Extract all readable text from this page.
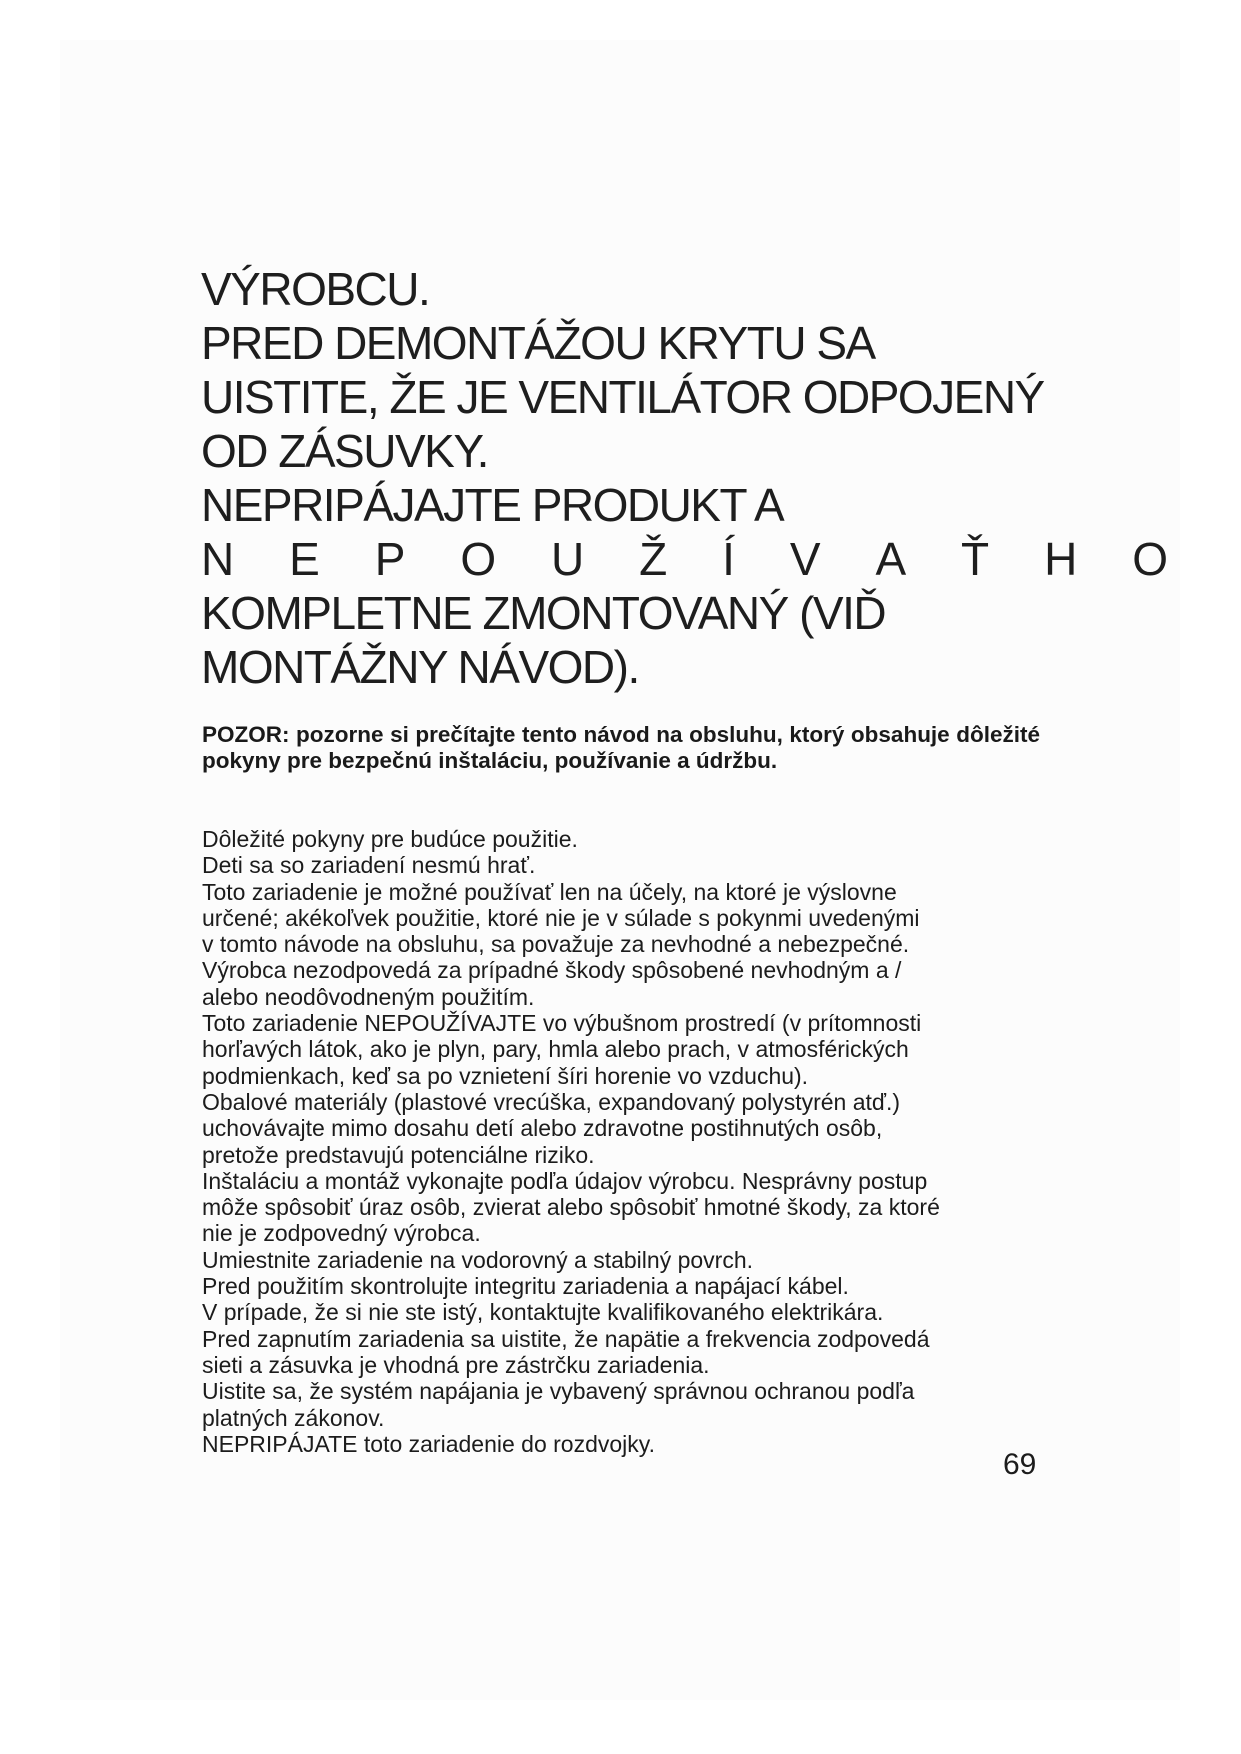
VÝROBCU.

PRED DEMONTÁŽOU KRYTU SA

UISTITE, ŽE JE VENTILÁTOR ODPOJENÝ

OD ZÁSUVKY.

NEPRIPÁJAJTE PRODUKT A

N E P O U Ž Í V A Ť H O

KOMPLETNE ZMONTOVANÝ (VIĎ

MONTÁŽNY NÁVOD).

POZOR: pozorne si prečítajte tento návod na obsluhu, ktorý obsahuje dôležité pokyny pre bezpečnú inštaláciu, používanie a údržbu.

Dôležité pokyny pre budúce použitie.

Deti sa so zariadení nesmú hrať.

Toto zariadenie je možné používať len na účely, na ktoré je výslovne

určené; akékoľvek použitie, ktoré nie je v súlade s pokynmi uvedenými

v tomto návode na obsluhu, sa považuje za nevhodné a nebezpečné.

Výrobca nezodpovedá za prípadné škody spôsobené nevhodným a /

alebo neodôvodneným použitím.

Toto zariadenie NEPOUŽÍVAJTE vo výbušnom prostredí (v prítomnosti

horľavých látok, ako je plyn, pary, hmla alebo prach, v atmosférických

podmienkach, keď sa po vznietení šíri horenie vo vzduchu).

Obalové materiály (plastové vrecúška, expandovaný polystyrén atď.)

uchovávajte mimo dosahu detí alebo zdravotne postihnutých osôb,

pretože predstavujú potenciálne riziko.

Inštaláciu a montáž vykonajte podľa údajov výrobcu. Nesprávny postup

môže spôsobiť úraz osôb, zvierat alebo spôsobiť hmotné škody, za ktoré

nie je zodpovedný výrobca.

Umiestnite zariadenie na vodorovný a stabilný povrch.

Pred použitím skontrolujte integritu zariadenia a napájací kábel.

V prípade, že si nie ste istý, kontaktujte kvalifikovaného elektrikára.

Pred zapnutím zariadenia sa uistite, že napätie a frekvencia zodpovedá

sieti a zásuvka je vhodná pre zástrčku zariadenia.

Uistite sa, že systém napájania je vybavený správnou ochranou podľa

platných zákonov.

NEPRIPÁJATE toto zariadenie do rozdvojky.

69
